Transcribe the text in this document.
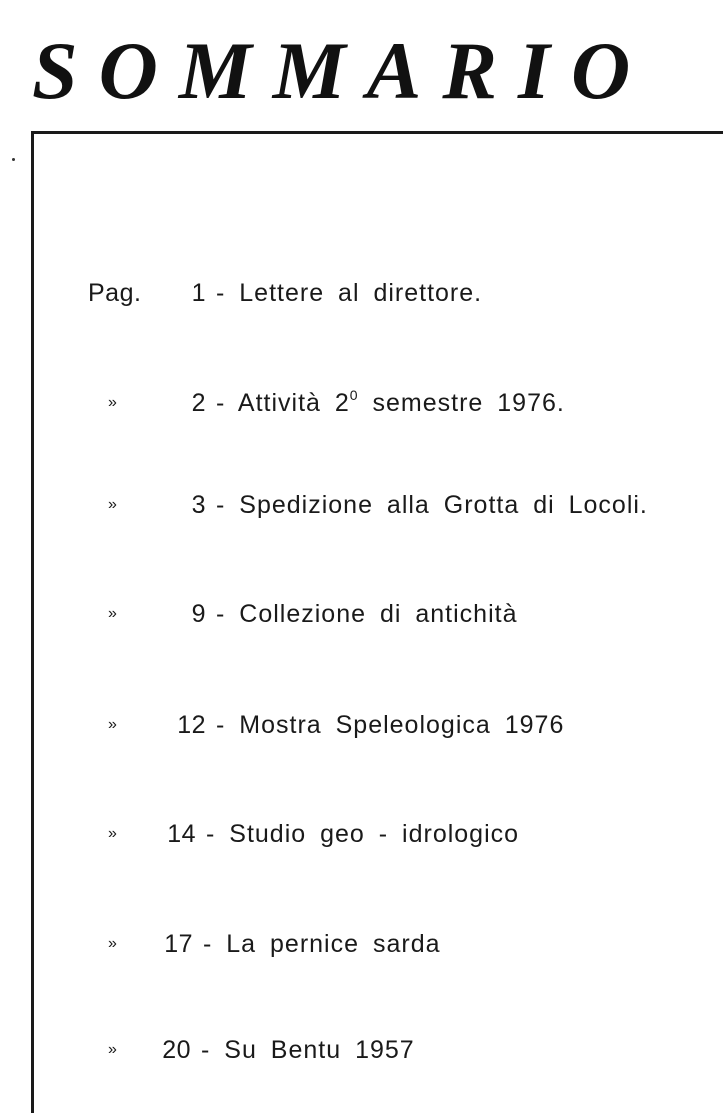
SOMMARIO
Pag.	1 - Lettere al direttore.
»	2 - Attività $2^0$ semestre 1976.
»	3 - Spedizione alla Grotta di Locoli.
»	9 - Collezione di antichità
»	12 - Mostra Speleologica 1976
»	14 - Studio geo - idrologico
»	17 - La pernice sarda
»	20 - Su Bentu 1957
